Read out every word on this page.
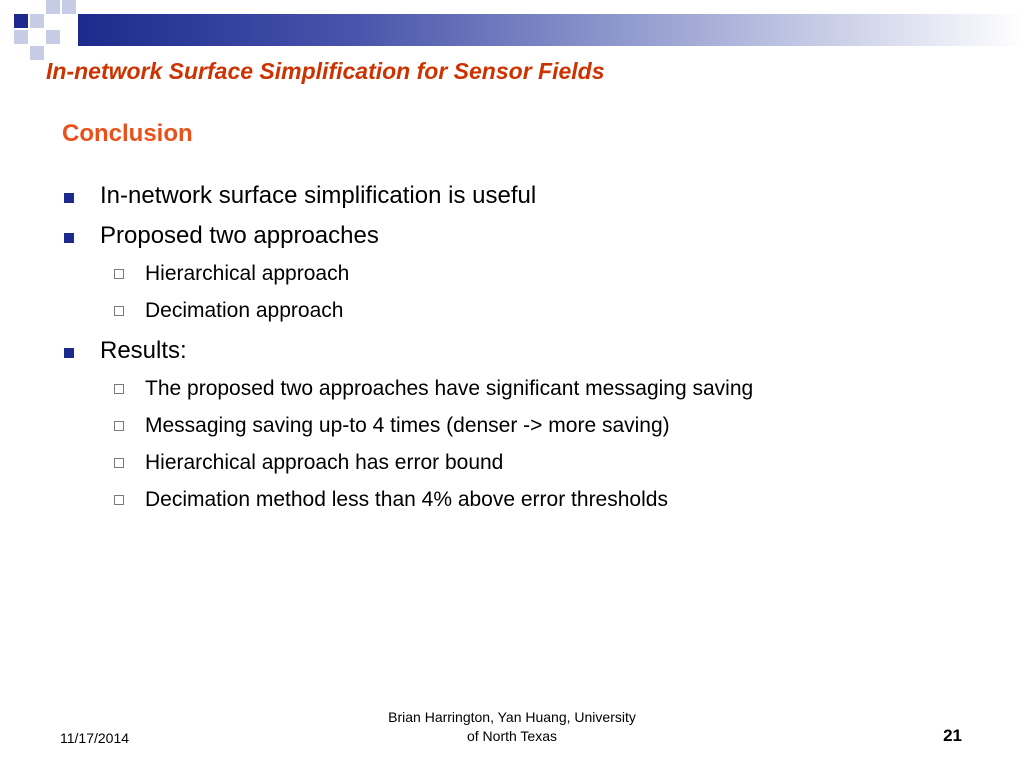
In-network Surface Simplification for Sensor Fields
Conclusion
In-network surface simplification is useful
Proposed two approaches
Hierarchical approach
Decimation approach
Results:
The proposed two approaches have significant messaging saving
Messaging saving up-to 4 times (denser -> more saving)
Hierarchical approach has error bound
Decimation method less than 4% above error thresholds

11/17/2014

Brian Harrington, Yan Huang, University
of North Texas	21
